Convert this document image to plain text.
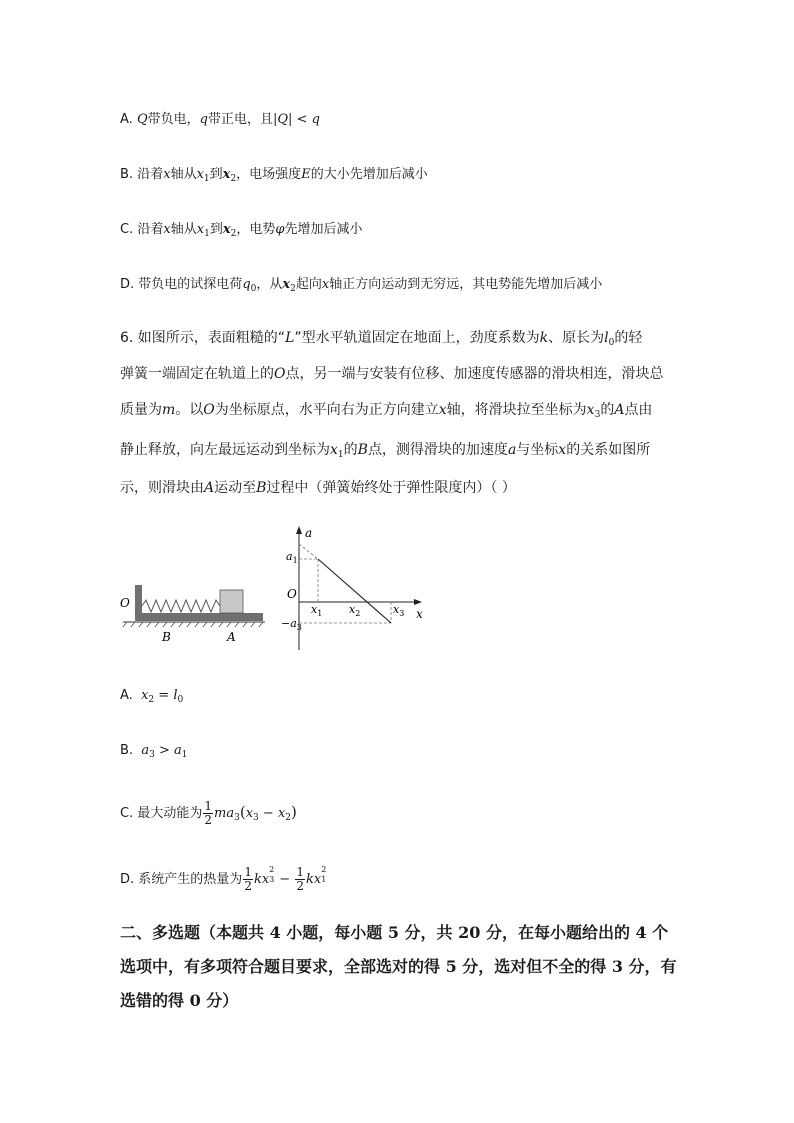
A. Q带负电，q带正电，且|Q| < q
B. 沿着x轴从$x_1$到$x_2$，电场强度E的大小先增加后减小
C. 沿着x轴从$x_1$到$x_2$，电势φ先增加后减小
D. 带负电的试探电荷$q_0$，从$x_2$起向x轴正方向运动到无穷远，其电势能先增加后减小
6. 如图所示，表面粗糙的“L”型水平轨道固定在地面上，劲度系数为k、原长为$l_0$的轻
弹簧一端固定在轨道上的O点，另一端与安装有位移、加速度传感器的滑块相连，滑块总
质量为m。以O为坐标原点，水平向右为正方向建立x轴，将滑块拉至坐标为$x_3$的A点由
静止释放，向左最远运动到坐标为$x_1$的B点，测得滑块的加速度a与坐标x的关系如图所
示，则滑块由A运动至B过程中（弹簧始终处于弹性限度内）（ ）
O
B	A
a
x
O
$a_1$
$-a_3$
$x_1$ $x_2$	$x_3$
A. $x_2 = l_0$
B. $a_3 > a_1$
C. 最大动能为 $\frac{1}{2} ma_3(x_3 - x_2)$
D. 系统产生的热量为 $\frac{1}{2}$ kx
2
$3 - \frac{1}{2}$ kx
2
1

二、多选题（本题共 4 小题，每小题 5 分，共 20 分，在每小题给出的 4 个选项中，有多项符合题目要求，全部选对的得 5 分，选对但不全的得 3 分，有选错的得 0 分）
